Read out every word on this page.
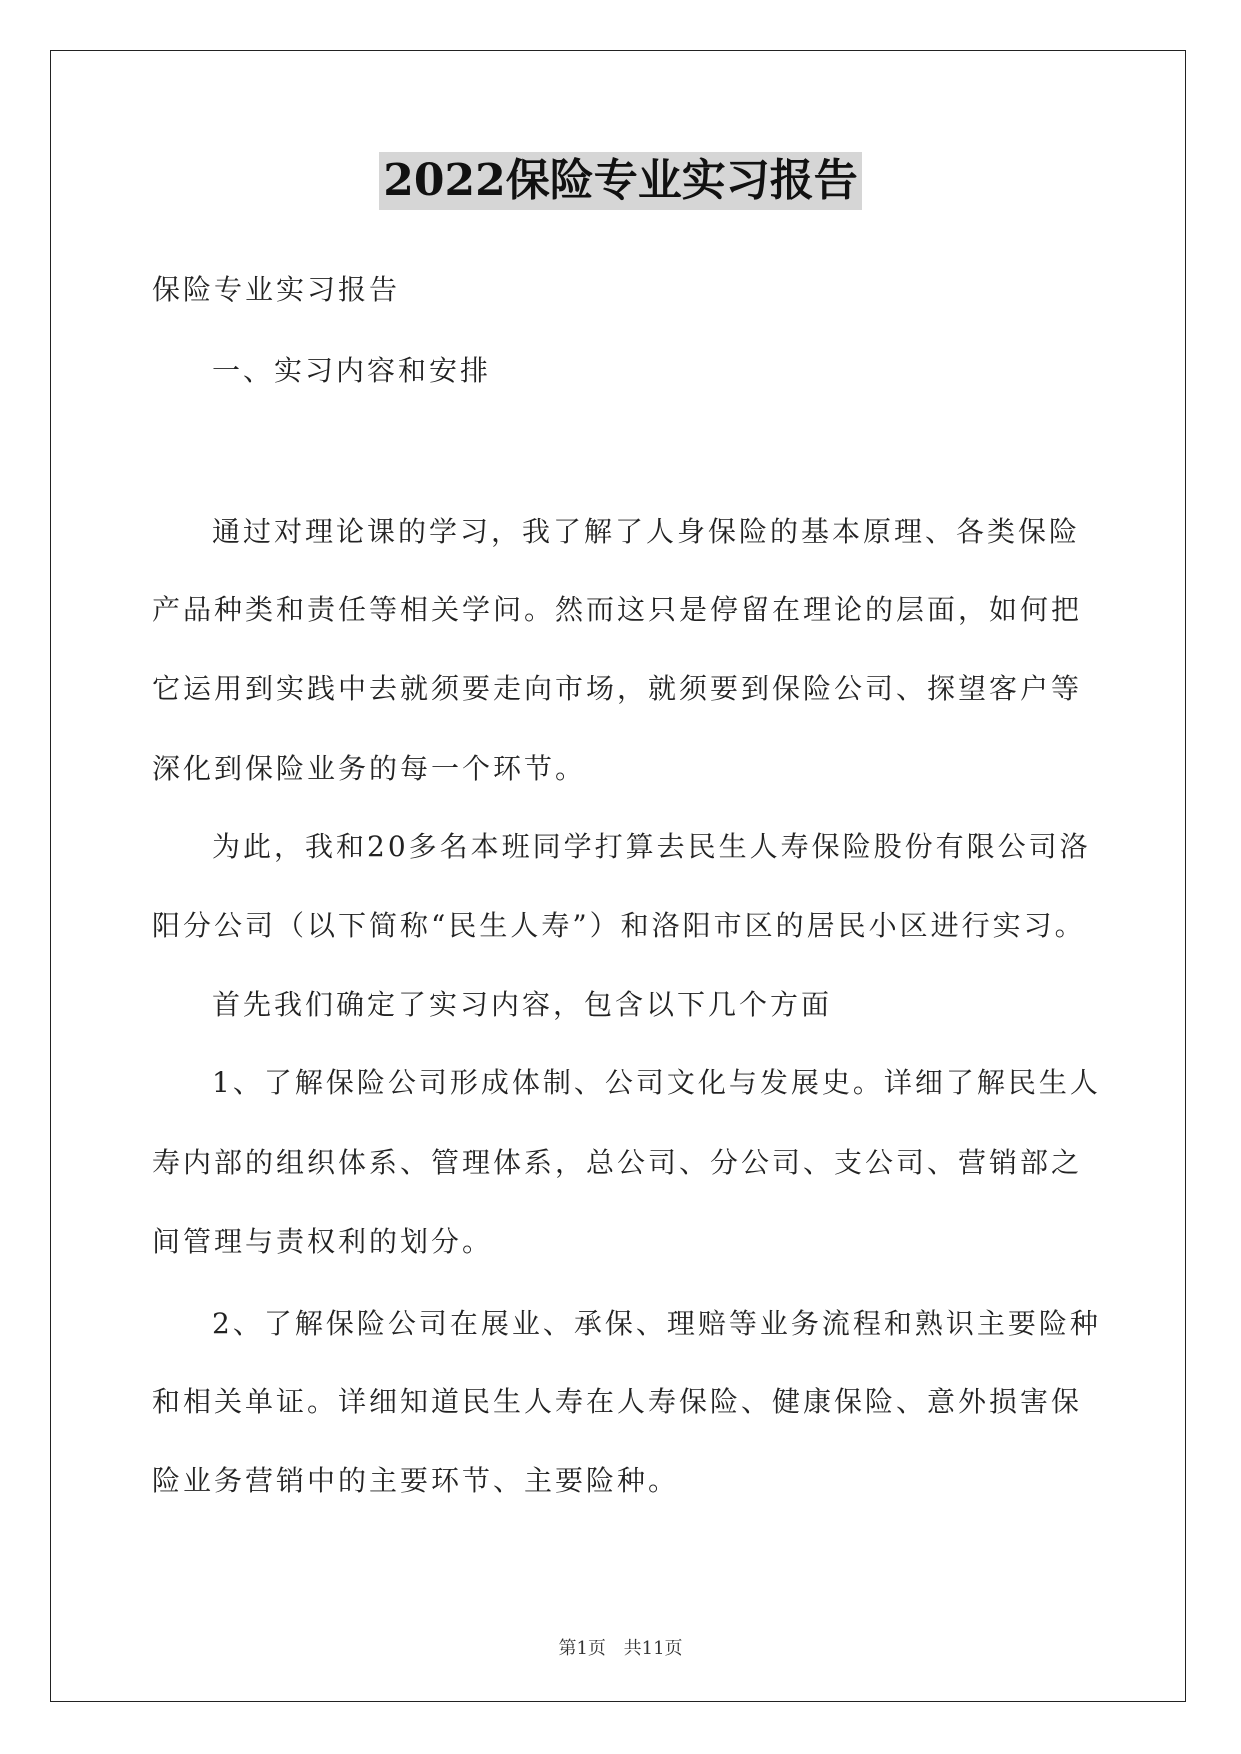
2022保险专业实习报告
保险专业实习报告
一、实习内容和安排
通过对理论课的学习，我了解了人身保险的基本原理、各类保险
产品种类和责任等相关学问。然而这只是停留在理论的层面，如何把
它运用到实践中去就须要走向市场，就须要到保险公司、探望客户等
深化到保险业务的每一个环节。
为此，我和20多名本班同学打算去民生人寿保险股份有限公司洛
阳分公司（以下简称“民生人寿”）和洛阳市区的居民小区进行实习。
首先我们确定了实习内容，包含以下几个方面
1、了解保险公司形成体制、公司文化与发展史。详细了解民生人
寿内部的组织体系、管理体系，总公司、分公司、支公司、营销部之
间管理与责权利的划分。
2、了解保险公司在展业、承保、理赔等业务流程和熟识主要险种
和相关单证。详细知道民生人寿在人寿保险、健康保险、意外损害保
险业务营销中的主要环节、主要险种。
第1页 共11页
